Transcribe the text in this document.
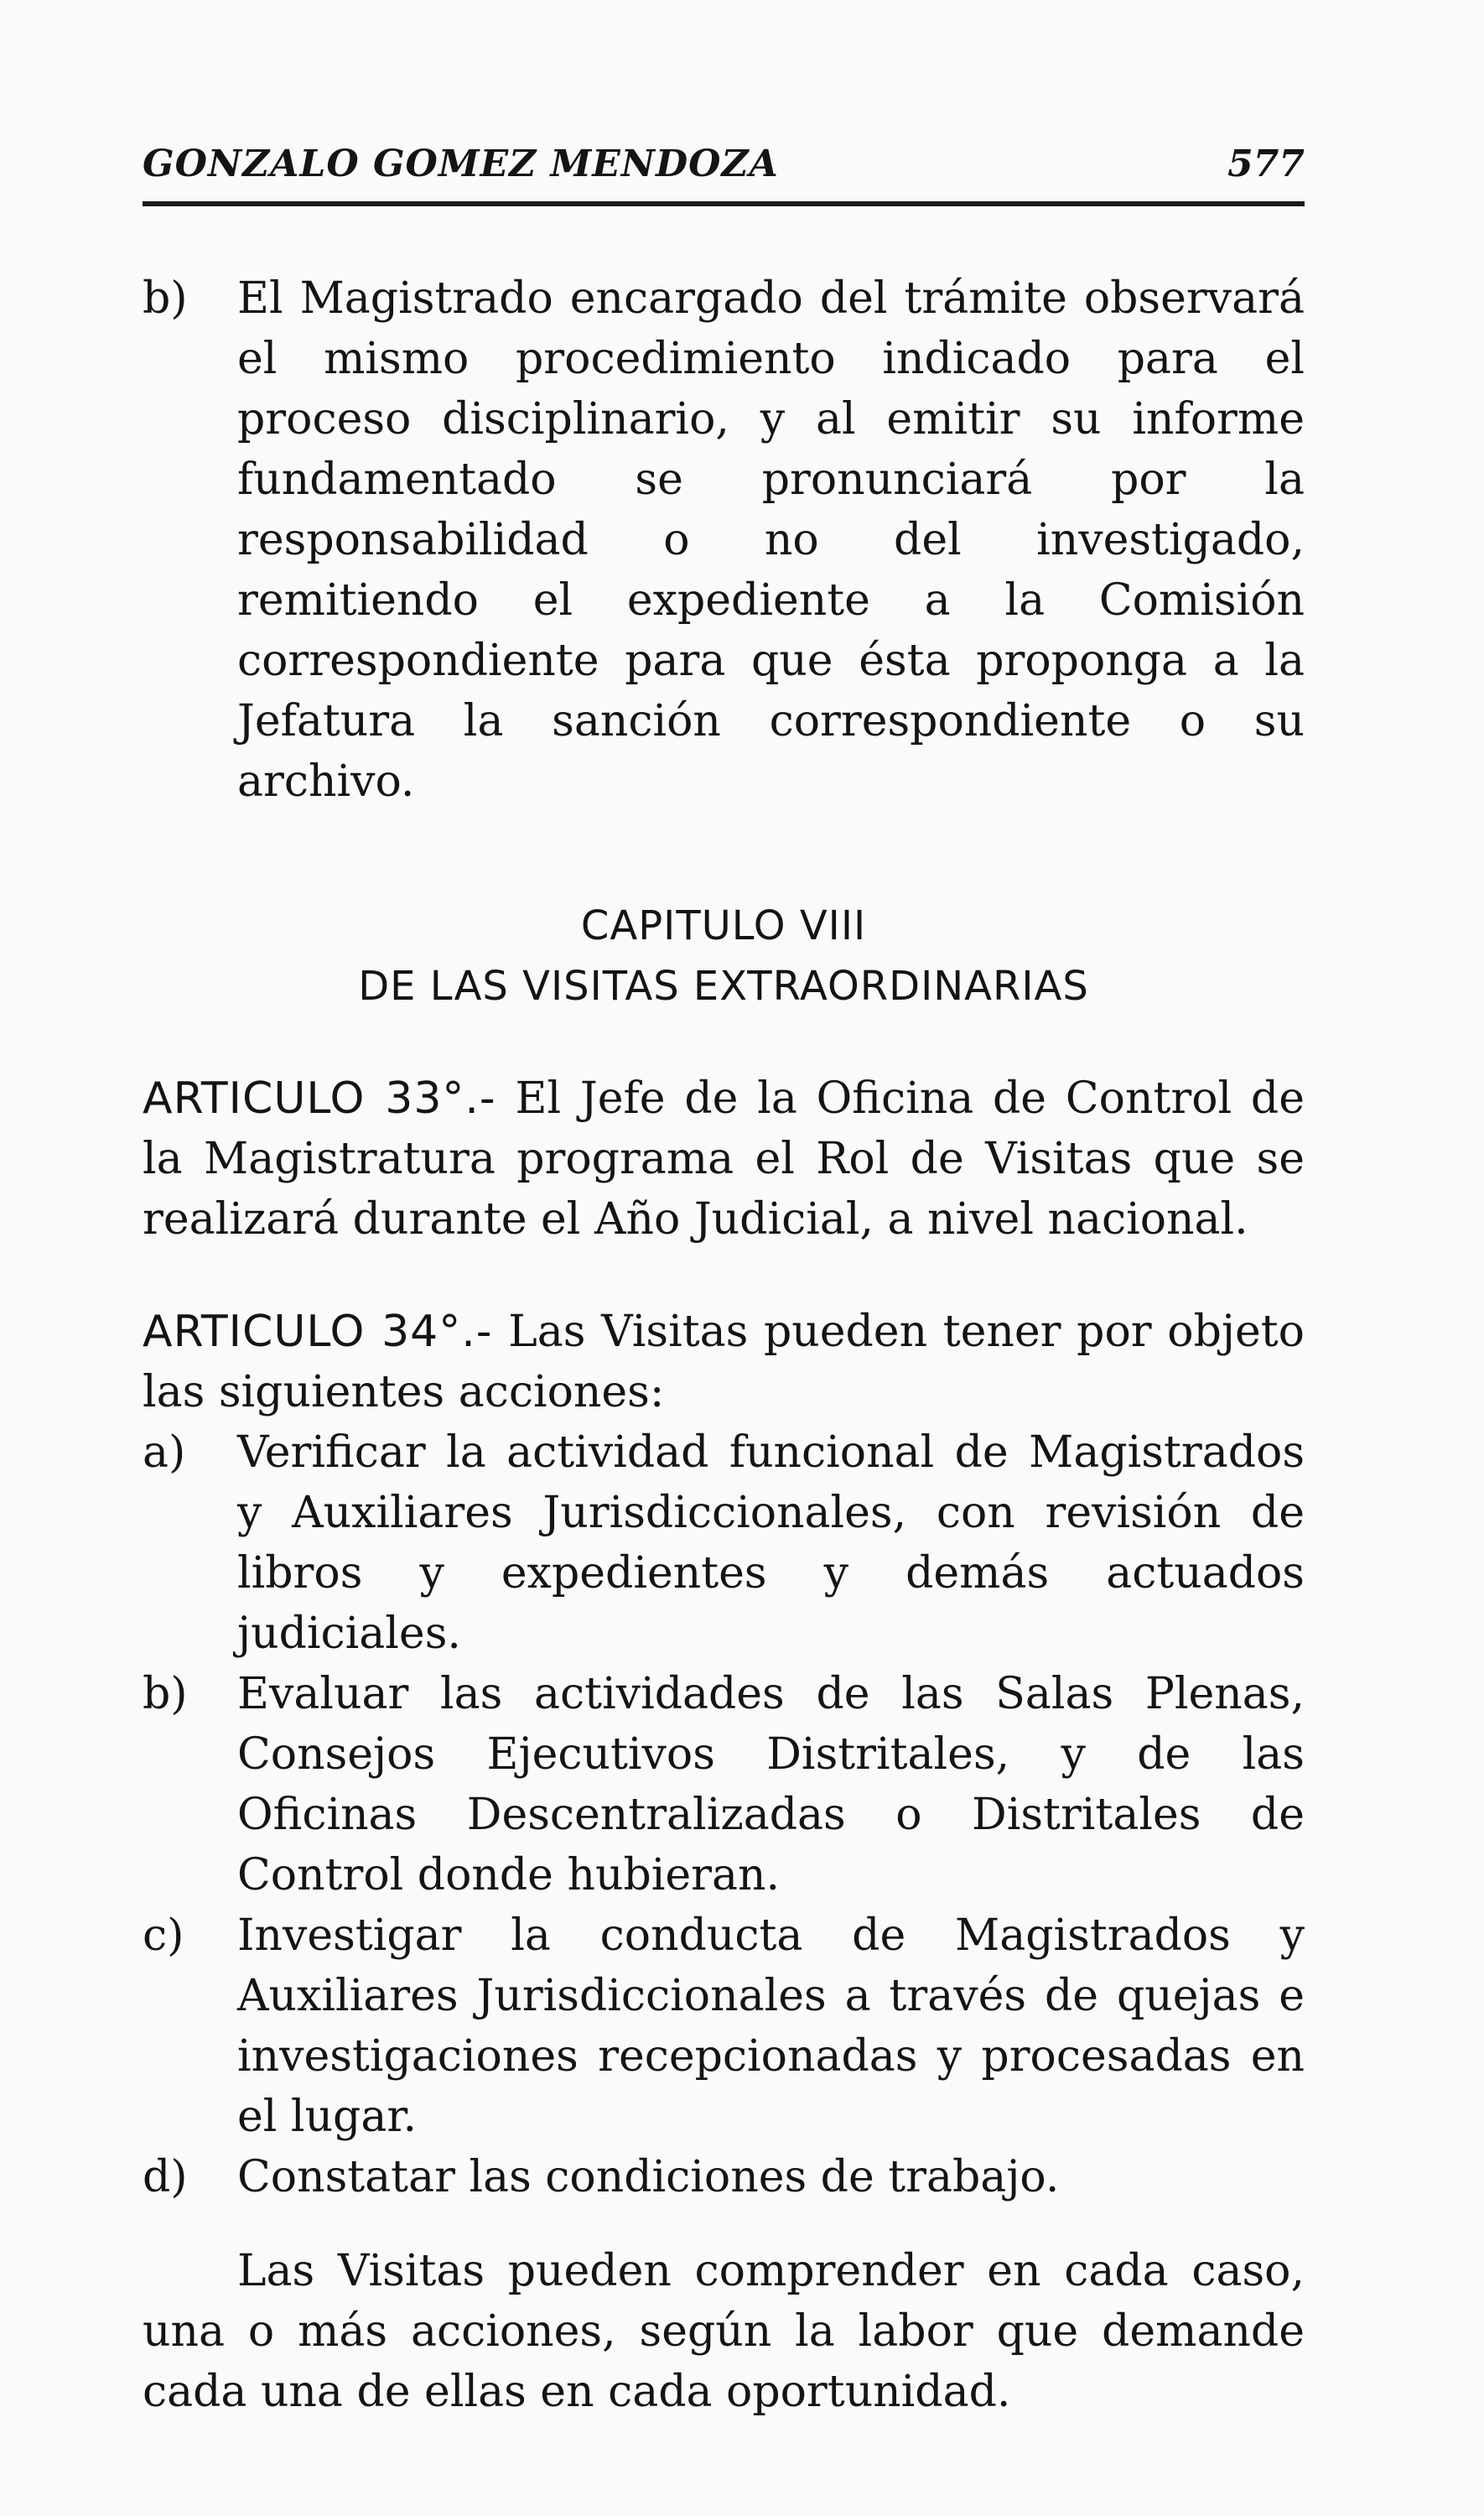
GONZALO GOMEZ MENDOZA	577
b)	El Magistrado encargado del trámite observará el mismo procedimiento indicado para el proceso disciplinario, y al emitir su informe fundamentado se pronunciará por la responsabilidad o no del investigado, remitiendo el expediente a la Comisión correspondiente para que ésta proponga a la Jefatura la sanción correspondiente o su archivo.
CAPITULO VIII
DE LAS VISITAS EXTRAORDINARIAS

ARTICULO 33°.- El Jefe de la Oficina de Control de la Magistratura programa el Rol de Visitas que se realizará durante el Año Judicial, a nivel nacional.

ARTICULO 34°.- Las Visitas pueden tener por objeto las siguientes acciones:

a)	Verificar la actividad funcional de Magistrados y Auxiliares Jurisdiccionales, con revisión de libros y expedientes y demás actuados judiciales.
b)	Evaluar las actividades de las Salas Plenas, Consejos Ejecutivos Distritales, y de las Oficinas Descentralizadas o Distritales de Control donde hubieran.
c)	Investigar la conducta de Magistrados y Auxiliares Jurisdiccionales a través de quejas e investigaciones recepcionadas y procesadas en el lugar.
d)	Constatar las condiciones de trabajo.

Las Visitas pueden comprender en cada caso, una o más acciones, según la labor que demande cada una de ellas en cada oportunidad.
